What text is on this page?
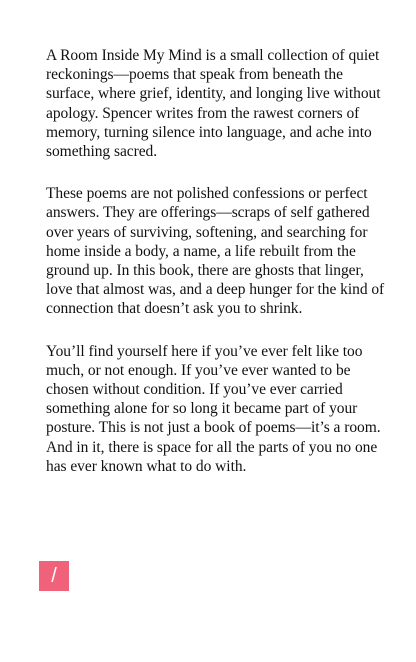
A Room Inside My Mind is a small collection of quiet reckonings—poems that speak from beneath the surface, where grief, identity, and longing live without apology. Spencer writes from the rawest corners of memory, turning silence into language, and ache into something sacred.

These poems are not polished confessions or perfect answers. They are offerings—scraps of self gathered over years of surviving, softening, and searching for home inside a body, a name, a life rebuilt from the ground up. In this book, there are ghosts that linger, love that almost was, and a deep hunger for the kind of connection that doesn’t ask you to shrink.

You’ll find yourself here if you’ve ever felt like too much, or not enough. If you’ve ever wanted to be chosen without condition. If you’ve ever carried something alone for so long it became part of your posture. This is not just a book of poems—it’s a room. And in it, there is space for all the parts of you no one has ever known what to do with.

/
